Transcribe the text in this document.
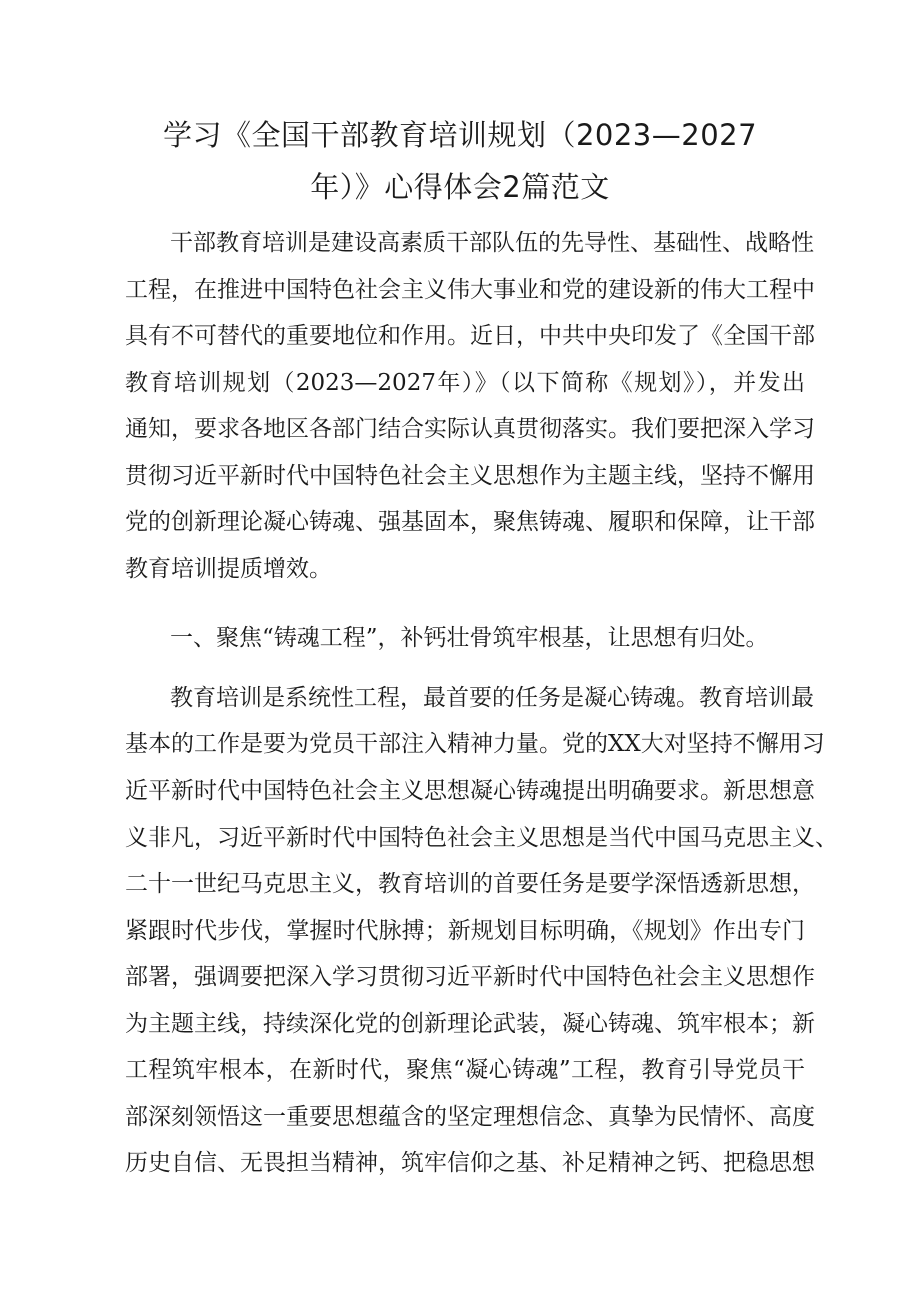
学习《全国干部教育培训规划（2023—2027
年）》心得体会2篇范文
干部教育培训是建设高素质干部队伍的先导性、基础性、战略性
工程，在推进中国特色社会主义伟大事业和党的建设新的伟大工程中
具有不可替代的重要地位和作用。近日，中共中央印发了《全国干部
教育培训规划（2023—2027年）》（以下简称《规划》），并发出
通知，要求各地区各部门结合实际认真贯彻落实。我们要把深入学习
贯彻习近平新时代中国特色社会主义思想作为主题主线，坚持不懈用
党的创新理论凝心铸魂、强基固本，聚焦铸魂、履职和保障，让干部
教育培训提质增效。
一、聚焦“铸魂工程”，补钙壮骨筑牢根基，让思想有归处。
教育培训是系统性工程，最首要的任务是凝心铸魂。教育培训最
基本的工作是要为党员干部注入精神力量。党的XX大对坚持不懈用习
近平新时代中国特色社会主义思想凝心铸魂提出明确要求。新思想意
义非凡，习近平新时代中国特色社会主义思想是当代中国马克思主义、
二十一世纪马克思主义，教育培训的首要任务是要学深悟透新思想，
紧跟时代步伐，掌握时代脉搏；新规划目标明确，《规划》作出专门
部署，强调要把深入学习贯彻习近平新时代中国特色社会主义思想作
为主题主线，持续深化党的创新理论武装，凝心铸魂、筑牢根本；新
工程筑牢根本，在新时代，聚焦“凝心铸魂”工程，教育引导党员干
部深刻领悟这一重要思想蕴含的坚定理想信念、真挚为民情怀、高度
历史自信、无畏担当精神，筑牢信仰之基、补足精神之钙、把稳思想
